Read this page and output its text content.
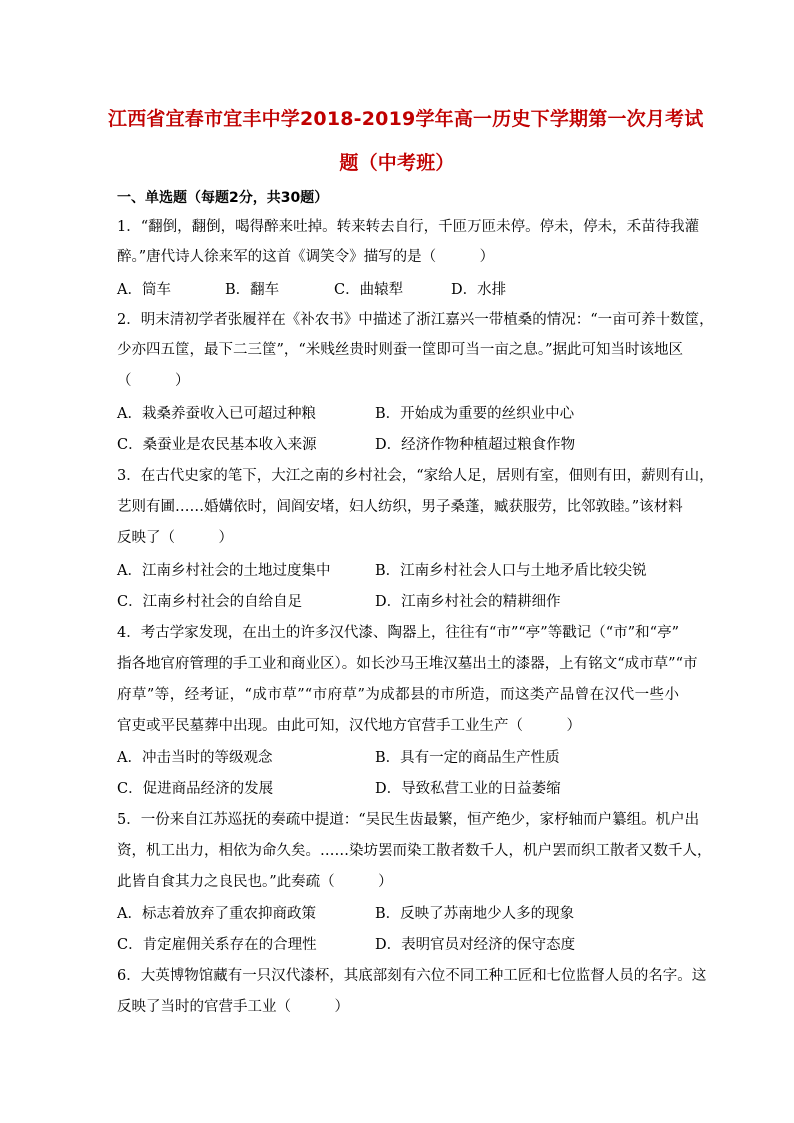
江西省宜春市宜丰中学2018-2019学年高一历史下学期第一次月考试
题（中考班）
一、单选题（每题2分，共30题）
1．“翻倒，翻倒，喝得醉来吐掉。转来转去自行，千匝万匝未停。停未，停未，禾苗待我灌
醉。”唐代诗人徐来军的这首《调笑令》描写的是（　　　）
A．筒车	B．翻车	C．曲辕犁	D．水排
2．明末清初学者张履祥在《补农书》中描述了浙江嘉兴一带植桑的情况：“一亩可养十数筐，
少亦四五筐，最下二三筐”，“米贱丝贵时则蚕一筐即可当一亩之息。”据此可知当时该地区
（　　　）
A．栽桑养蚕收入已可超过种粮	B．开始成为重要的丝织业中心
C．桑蚕业是农民基本收入来源	D．经济作物种植超过粮食作物
3．在古代史家的笔下，大江之南的乡村社会，“家给人足，居则有室，佃则有田，薪则有山，
艺则有圃……婚媾依时，闾阎安堵，妇人纺织，男子桑蓬，臧获服劳，比邻敦睦。”该材料
反映了（　　　）
A．江南乡村社会的土地过度集中	B．江南乡村社会人口与土地矛盾比较尖锐
C．江南乡村社会的自给自足	D．江南乡村社会的精耕细作
4．考古学家发现，在出土的许多汉代漆、陶器上，往往有“市”“亭”等戳记（“市”和“亭”
指各地官府管理的手工业和商业区）。如长沙马王堆汉墓出土的漆器，上有铭文“成市草”“市
府草”等，经考证，“成市草”“市府草”为成都县的市所造，而这类产品曾在汉代一些小
官吏或平民墓葬中出现。由此可知，汉代地方官营手工业生产（　　　）
A．冲击当时的等级观念	B．具有一定的商品生产性质
C．促进商品经济的发展	D．导致私营工业的日益萎缩
5．一份来自江苏巡抚的奏疏中提道：“吴民生齿最繁，恒产绝少，家杼轴而户纂组。机户出
资，机工出力，相依为命久矣。……染坊罢而染工散者数千人，机户罢而织工散者又数千人，
此皆自食其力之良民也。”此奏疏（　　　）
A．标志着放弃了重农抑商政策	B．反映了苏南地少人多的现象
C．肯定雇佣关系存在的合理性	D．表明官员对经济的保守态度
6．大英博物馆藏有一只汉代漆杯，其底部刻有六位不同工种工匠和七位监督人员的名字。这
反映了当时的官营手工业（　　　）
